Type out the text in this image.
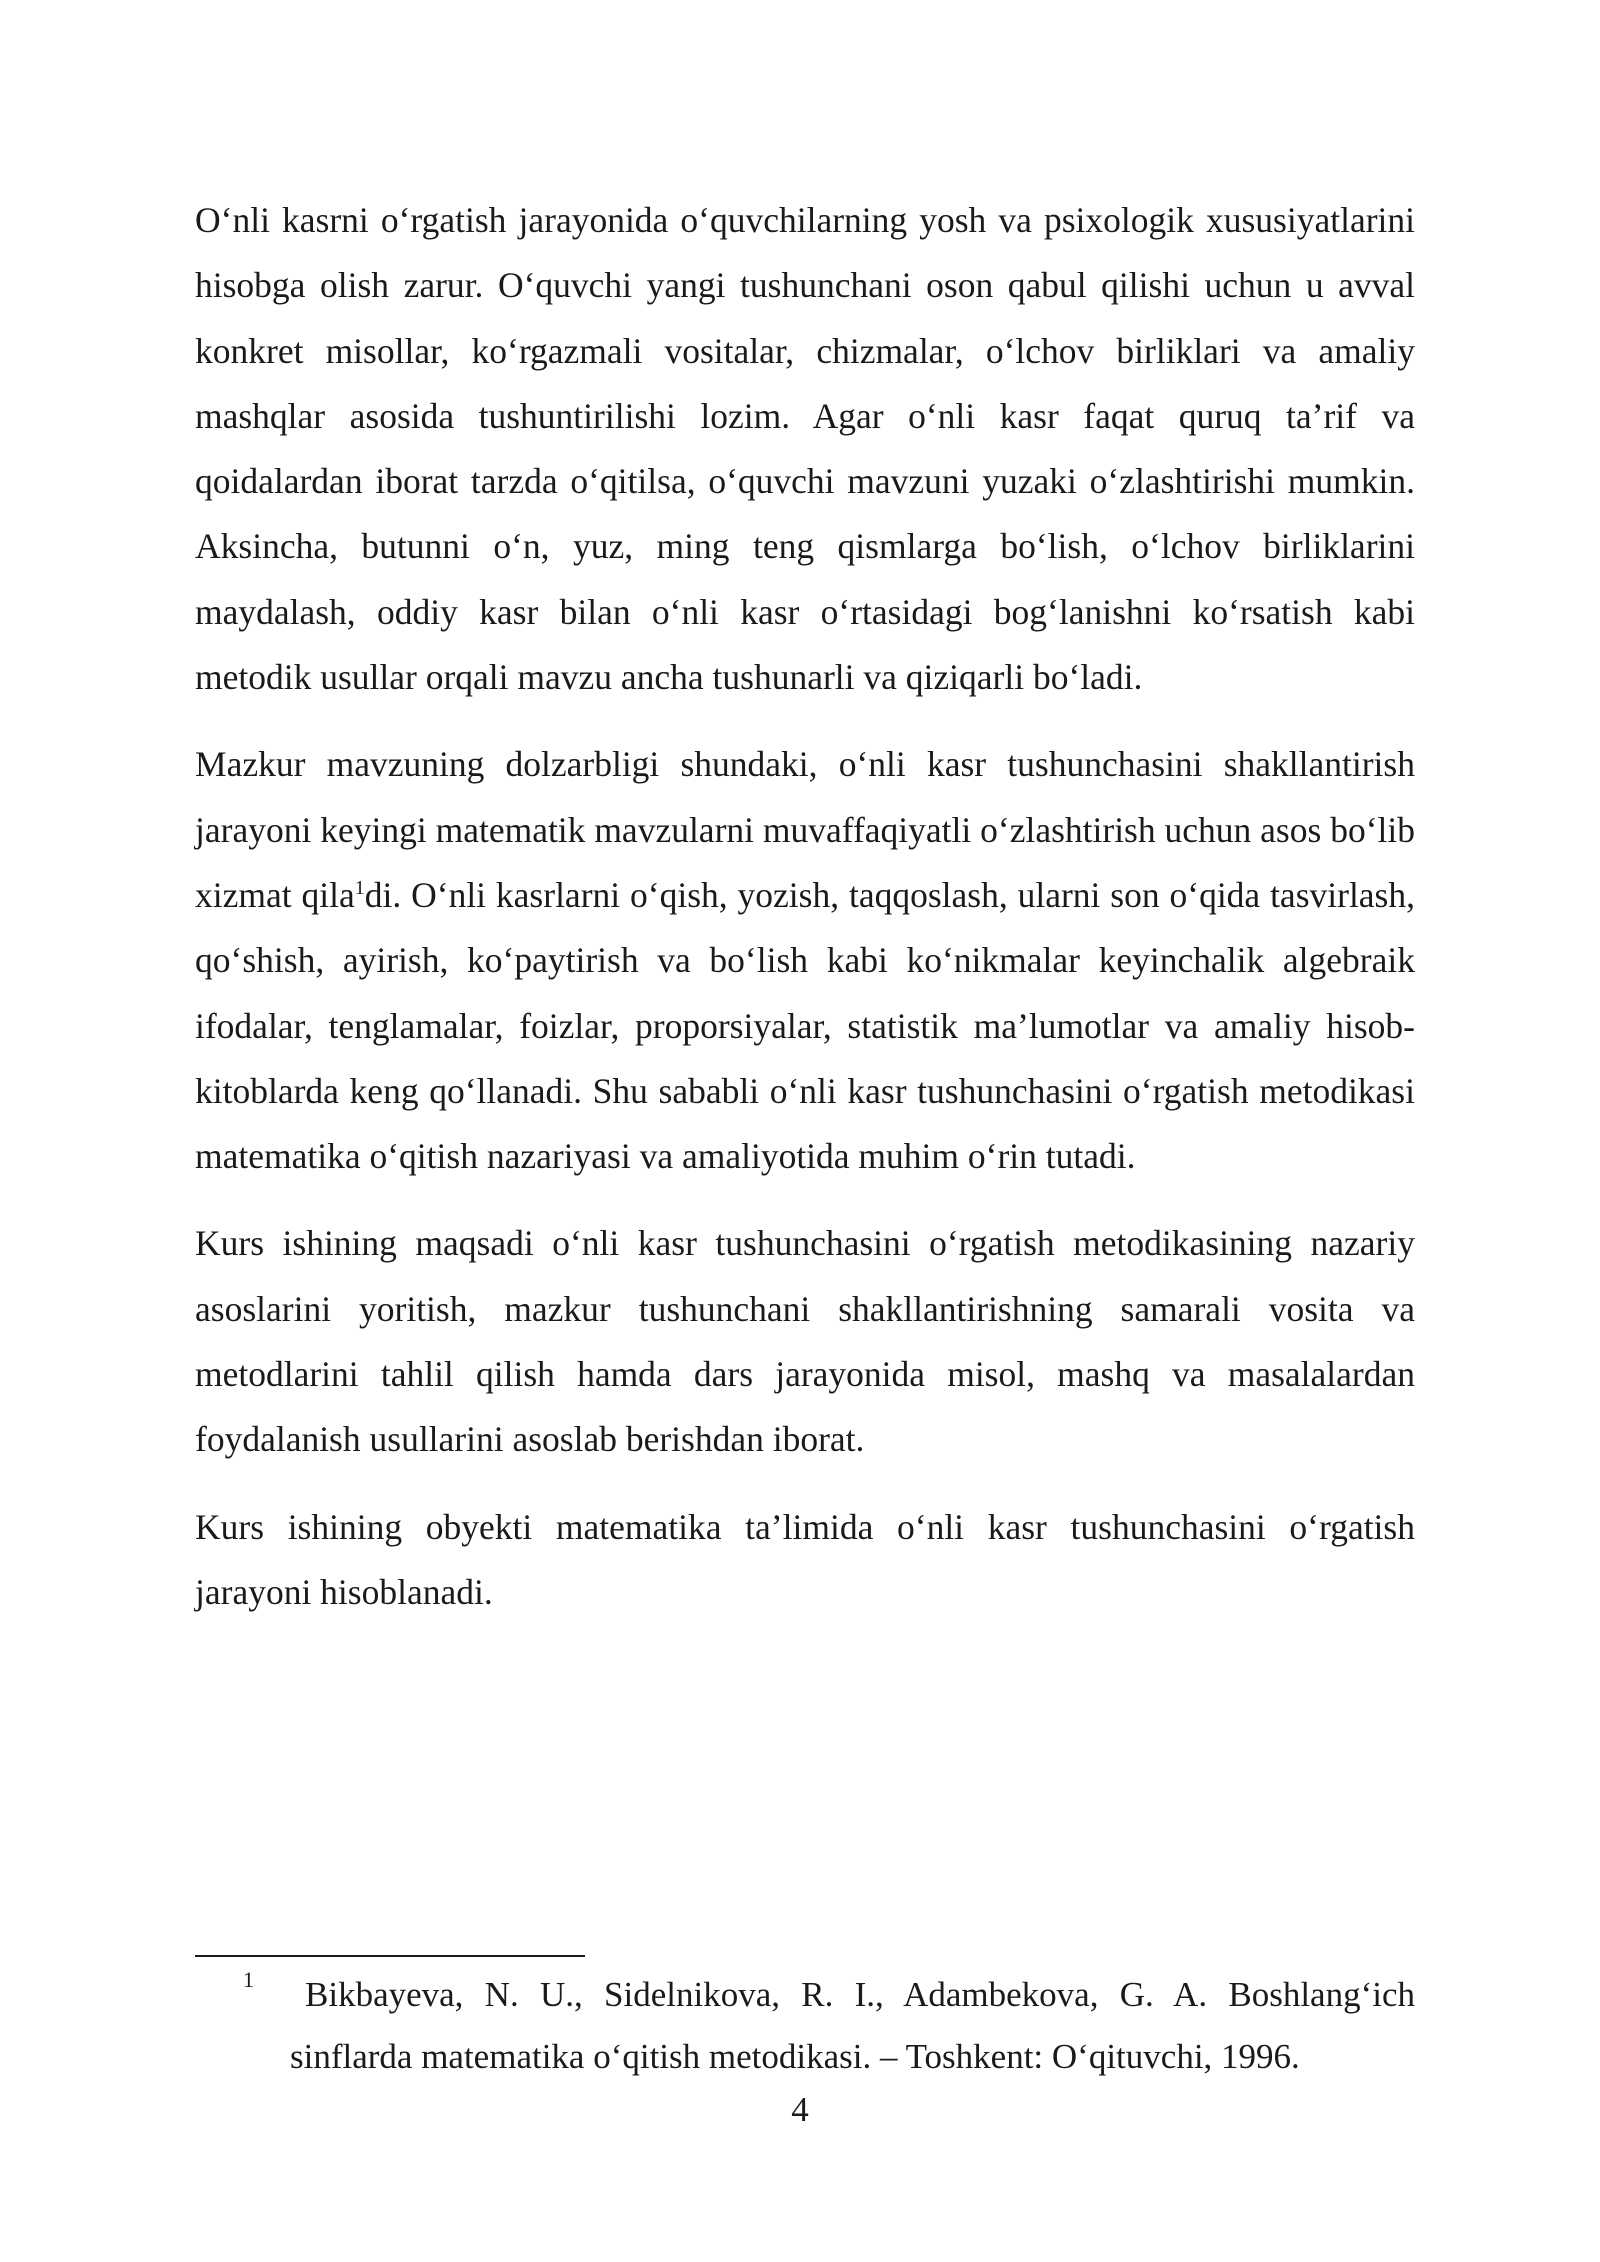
O‘nli kasrni o‘rgatish jarayonida o‘quvchilarning yosh va psixologik xususiyatlarini hisobga olish zarur. O‘quvchi yangi tushunchani oson qabul qilishi uchun u avval konkret misollar, ko‘rgazmali vositalar, chizmalar, o‘lchov birliklari va amaliy mashqlar asosida tushuntirilishi lozim. Agar o‘nli kasr faqat quruq ta’rif va qoidalardan iborat tarzda o‘qitilsa, o‘quvchi mavzuni yuzaki o‘zlashtirishi mumkin. Aksincha, butunni o‘n, yuz, ming teng qismlarga bo‘lish, o‘lchov birliklarini maydalash, oddiy kasr bilan o‘nli kasr o‘rtasidagi bog‘lanishni ko‘rsatish kabi metodik usullar orqali mavzu ancha tushunarli va qiziqarli bo‘ladi.

Mazkur mavzuning dolzarbligi shundaki, o‘nli kasr tushunchasini shakllantirish jarayoni keyingi matematik mavzularni muvaffaqiyatli o‘zlashtirish uchun asos bo‘lib xizmat qila$^1$di. O‘nli kasrlarni o‘qish, yozish, taqqoslash, ularni son o‘qida tasvirlash, qo‘shish, ayirish, ko‘paytirish va bo‘lish kabi ko‘nikmalar keyinchalik algebraik ifodalar, tenglamalar, foizlar, proporsiyalar, statistik ma’lumotlar va amaliy hisob-kitoblarda keng qo‘llanadi. Shu sababli o‘nli kasr tushunchasini o‘rgatish metodikasi matematika o‘qitish nazariyasi va amaliyotida muhim o‘rin tutadi.

Kurs ishining maqsadi o‘nli kasr tushunchasini o‘rgatish metodikasining nazariy asoslarini yoritish, mazkur tushunchani shakllantirishning samarali vosita va metodlarini tahlil qilish hamda dars jarayonida misol, mashq va masalalardan foydalanish usullarini asoslab berishdan iborat.

Kurs ishining obyekti matematika ta’limida o‘nli kasr tushunchasini o‘rgatish jarayoni hisoblanadi.

1 Bikbayeva, N. U., Sidelnikova, R. I., Adambekova, G. A. Boshlang‘ich
sinflarda matematika o‘qitish metodikasi. – Toshkent: O‘qituvchi, 1996.
4
